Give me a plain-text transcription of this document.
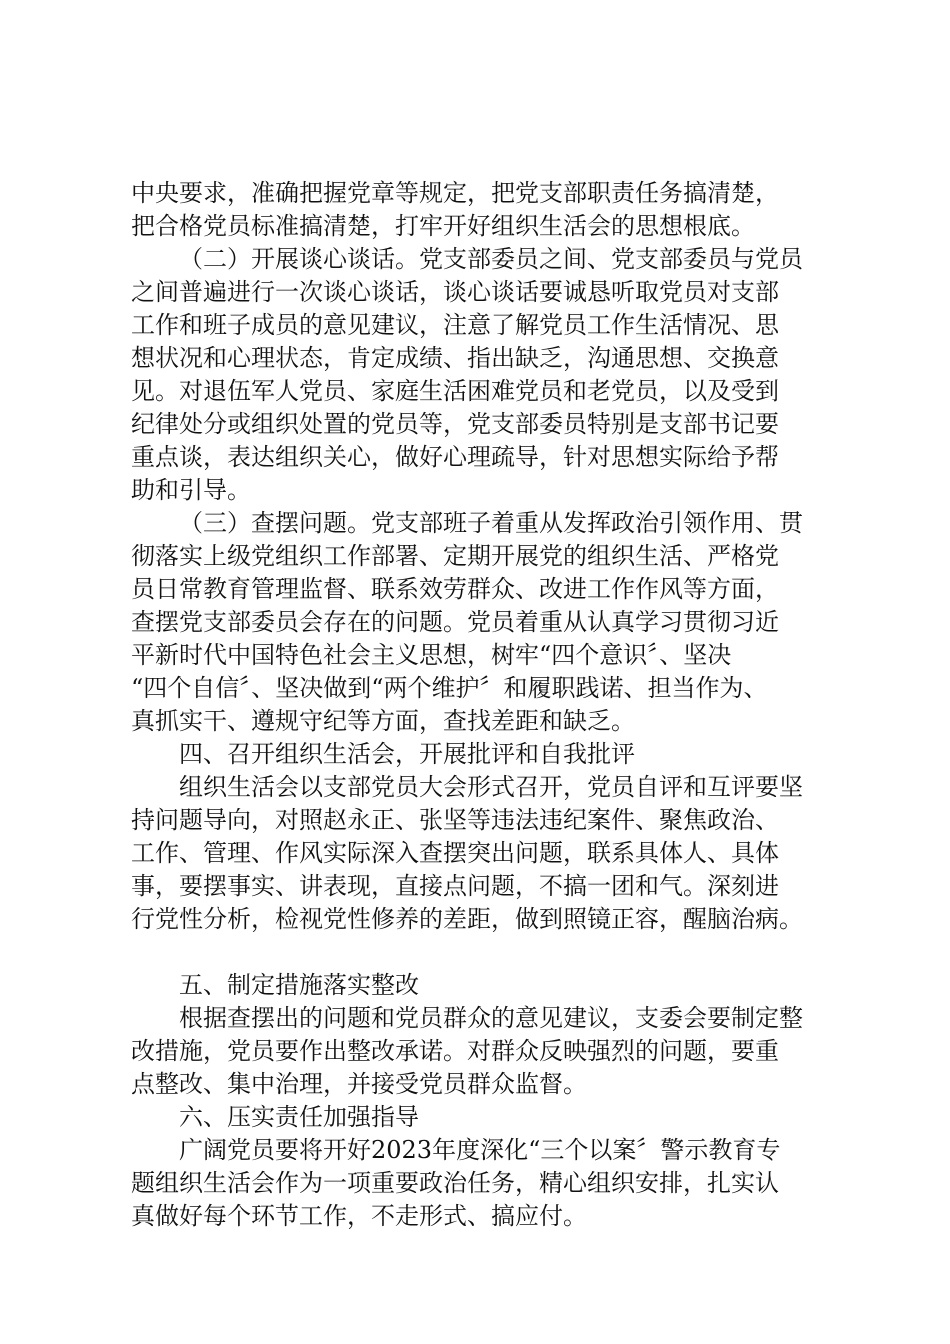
中央要求，准确把握党章等规定，把党支部职责任务搞清楚，
把合格党员标准搞清楚，打牢开好组织生活会的思想根底。
（二）开展谈心谈话。党支部委员之间、党支部委员与党员
之间普遍进行一次谈心谈话，谈心谈话要诚恳听取党员对支部
工作和班子成员的意见建议，注意了解党员工作生活情况、思
想状况和心理状态，肯定成绩、指出缺乏，沟通思想、交换意
见。对退伍军人党员、家庭生活困难党员和老党员，以及受到
纪律处分或组织处置的党员等，党支部委员特别是支部书记要
重点谈，表达组织关心，做好心理疏导，针对思想实际给予帮
助和引导。
（三）查摆问题。党支部班子着重从发挥政治引领作用、贯
彻落实上级党组织工作部署、定期开展党的组织生活、严格党
员日常教育管理监督、联系效劳群众、改进工作作风等方面，
查摆党支部委员会存在的问题。党员着重从认真学习贯彻习近
平新时代中国特色社会主义思想，树牢“四个意识〞、坚决
“四个自信〞、坚决做到“两个维护〞和履职践诺、担当作为、
真抓实干、遵规守纪等方面，查找差距和缺乏。
四、召开组织生活会，开展批评和自我批评
组织生活会以支部党员大会形式召开，党员自评和互评要坚
持问题导向，对照赵永正、张坚等违法违纪案件、聚焦政治、
工作、管理、作风实际深入查摆突出问题，联系具体人、具体
事，要摆事实、讲表现，直接点问题，不搞一团和气。深刻进
行党性分析，检视党性修养的差距，做到照镜正容，醒脑治病。
五、制定措施落实整改
根据查摆出的问题和党员群众的意见建议，支委会要制定整
改措施，党员要作出整改承诺。对群众反映强烈的问题，要重
点整改、集中治理，并接受党员群众监督。
六、压实责任加强指导
广阔党员要将开好2023年度深化“三个以案〞警示教育专
题组织生活会作为一项重要政治任务，精心组织安排，扎实认
真做好每个环节工作，不走形式、搞应付。
